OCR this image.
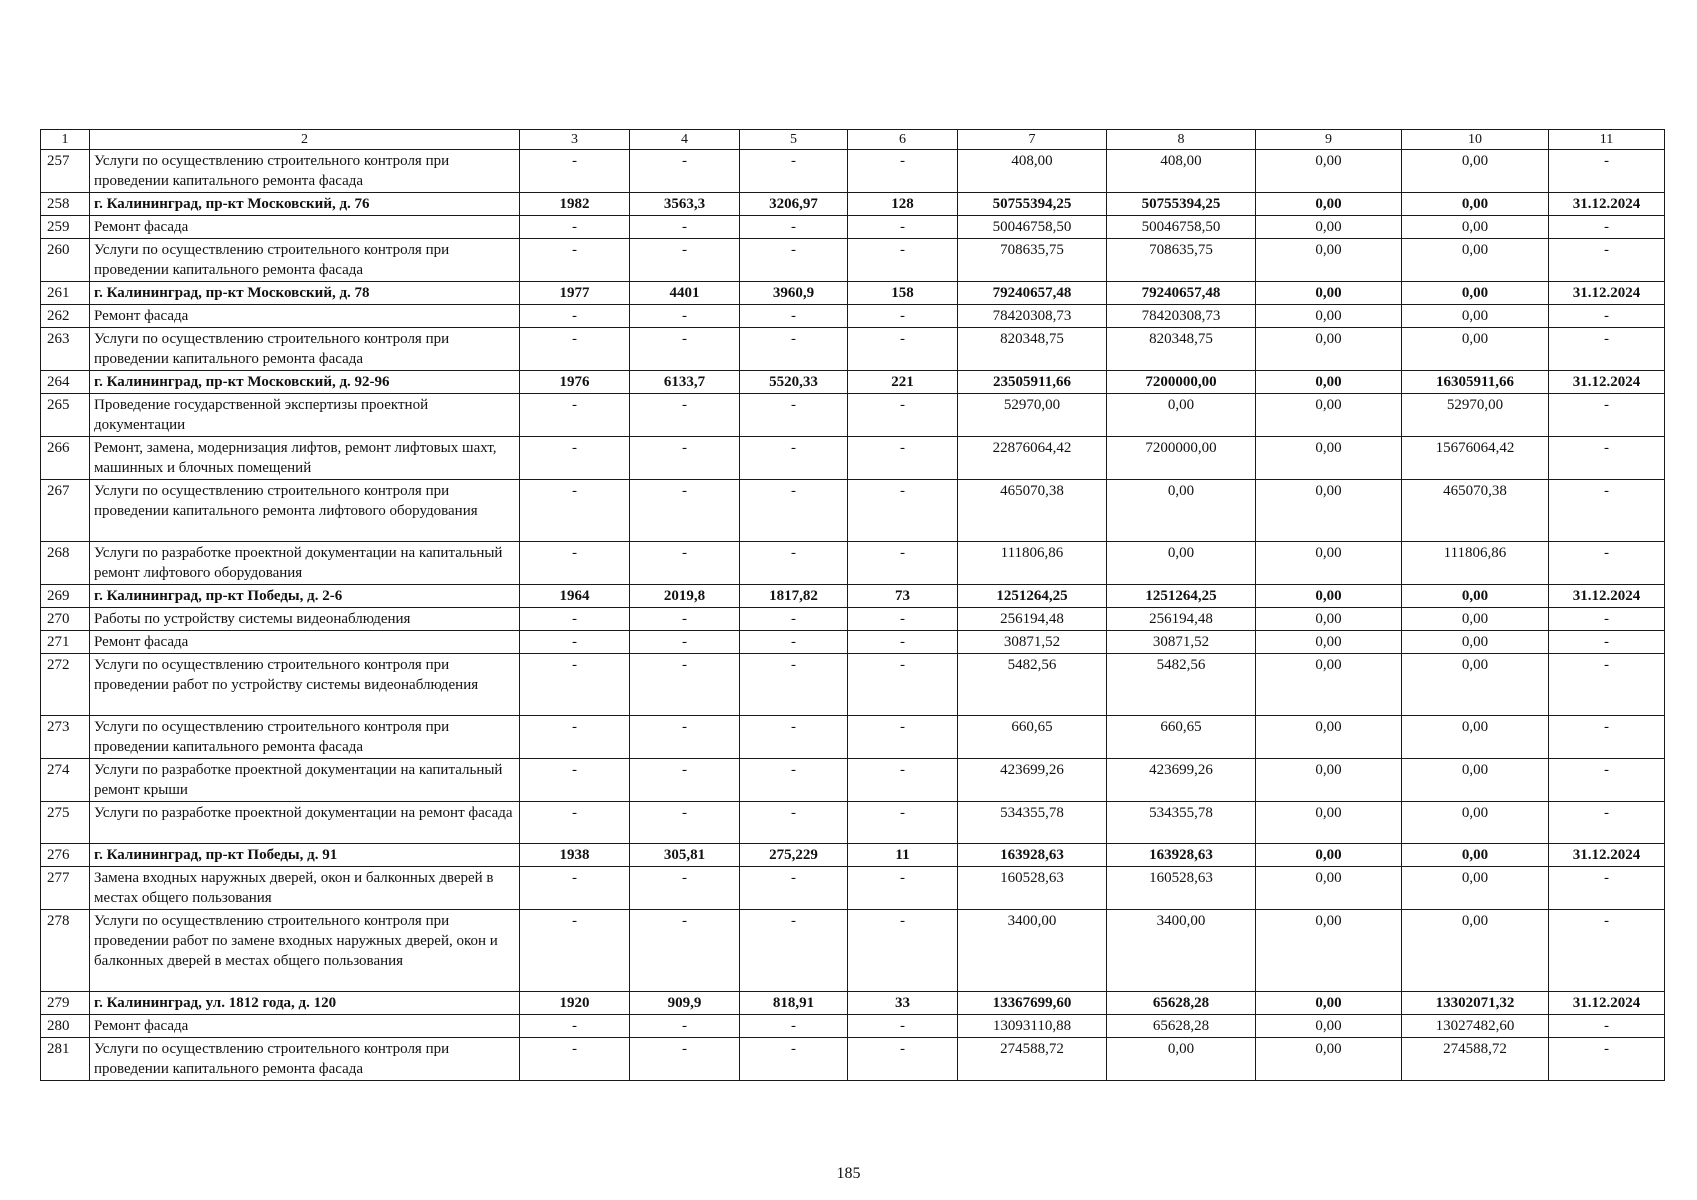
1	2	3	4	5	6	7	8	9	10	11
257	Услуги по осуществлению строительного контроля при проведении капитального ремонта фасада	-	-	-	-	408,00	408,00	0,00	0,00	-
258	г. Калининград, пр-кт Московский, д. 76	1982	3563,3	3206,97	128	50755394,25	50755394,25	0,00	0,00	31.12.2024
259	Ремонт фасада	-	-	-	-	50046758,50	50046758,50	0,00	0,00	-
260	Услуги по осуществлению строительного контроля при проведении капитального ремонта фасада	-	-	-	-	708635,75	708635,75	0,00	0,00	-
261	г. Калининград, пр-кт Московский, д. 78	1977	4401	3960,9	158	79240657,48	79240657,48	0,00	0,00	31.12.2024
262	Ремонт фасада	-	-	-	-	78420308,73	78420308,73	0,00	0,00	-
263	Услуги по осуществлению строительного контроля при проведении капитального ремонта фасада	-	-	-	-	820348,75	820348,75	0,00	0,00	-
264	г. Калининград, пр-кт Московский, д. 92-96	1976	6133,7	5520,33	221	23505911,66	7200000,00	0,00	16305911,66	31.12.2024
265	Проведение государственной экспертизы проектной документации	-	-	-	-	52970,00	0,00	0,00	52970,00	-
266	Ремонт, замена, модернизация лифтов, ремонт лифтовых шахт, машинных и блочных помещений	-	-	-	-	22876064,42	7200000,00	0,00	15676064,42	-
267	Услуги по осуществлению строительного контроля при проведении капитального ремонта лифтового оборудования	-	-	-	-	465070,38	0,00	0,00	465070,38	-
268	Услуги по разработке проектной документации на капитальный ремонт лифтового оборудования	-	-	-	-	111806,86	0,00	0,00	111806,86	-
269	г. Калининград, пр-кт Победы, д. 2-6	1964	2019,8	1817,82	73	1251264,25	1251264,25	0,00	0,00	31.12.2024
270	Работы по устройству системы видеонаблюдения	-	-	-	-	256194,48	256194,48	0,00	0,00	-
271	Ремонт фасада	-	-	-	-	30871,52	30871,52	0,00	0,00	-
272	Услуги по осуществлению строительного контроля при проведении работ по устройству системы видеонаблюдения	-	-	-	-	5482,56	5482,56	0,00	0,00	-
273	Услуги по осуществлению строительного контроля при проведении капитального ремонта фасада	-	-	-	-	660,65	660,65	0,00	0,00	-
274	Услуги по разработке проектной документации на капитальный ремонт крыши	-	-	-	-	423699,26	423699,26	0,00	0,00	-
275	Услуги по разработке проектной документации на ремонт фасада	-	-	-	-	534355,78	534355,78	0,00	0,00	-
276	г. Калининград, пр-кт Победы, д. 91	1938	305,81	275,229	11	163928,63	163928,63	0,00	0,00	31.12.2024
277	Замена входных наружных дверей, окон и балконных дверей в местах общего пользования	-	-	-	-	160528,63	160528,63	0,00	0,00	-
278	Услуги по осуществлению строительного контроля при проведении работ по замене входных наружных дверей, окон и балконных дверей в местах общего пользования	-	-	-	-	3400,00	3400,00	0,00	0,00	-
279	г. Калининград, ул. 1812 года, д. 120	1920	909,9	818,91	33	13367699,60	65628,28	0,00	13302071,32	31.12.2024
280	Ремонт фасада	-	-	-	-	13093110,88	65628,28	0,00	13027482,60	-
281	Услуги по осуществлению строительного контроля при проведении капитального ремонта фасада	-	-	-	-	274588,72	0,00	0,00	274588,72	-
185
